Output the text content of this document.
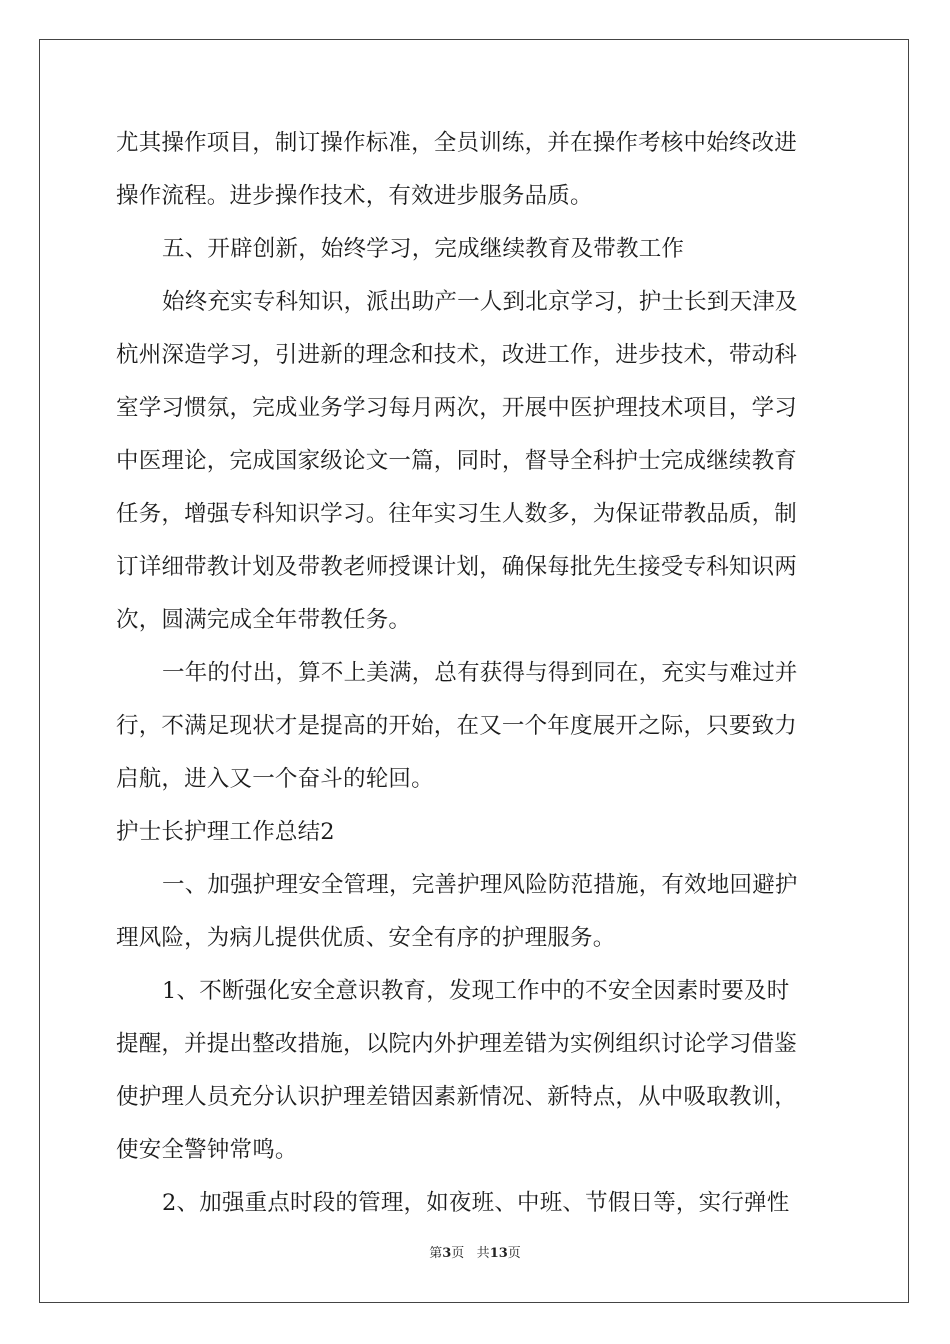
尤其操作项目，制订操作标准，全员训练，并在操作考核中始终改进
操作流程。进步操作技术，有效进步服务品质。
五、开辟创新，始终学习，完成继续教育及带教工作
始终充实专科知识，派出助产一人到北京学习，护士长到天津及
杭州深造学习，引进新的理念和技术，改进工作，进步技术，带动科
室学习惯氛，完成业务学习每月两次，开展中医护理技术项目，学习
中医理论，完成国家级论文一篇，同时，督导全科护士完成继续教育
任务，增强专科知识学习。往年实习生人数多，为保证带教品质，制
订详细带教计划及带教老师授课计划，确保每批先生接受专科知识两
次，圆满完成全年带教任务。
一年的付出，算不上美满，总有获得与得到同在，充实与难过并
行，不满足现状才是提高的开始，在又一个年度展开之际，只要致力
启航，进入又一个奋斗的轮回。
护士长护理工作总结2
一、加强护理安全管理，完善护理风险防范措施，有效地回避护
理风险，为病儿提供优质、安全有序的护理服务。
1、不断强化安全意识教育，发现工作中的不安全因素时要及时
提醒，并提出整改措施，以院内外护理差错为实例组织讨论学习借鉴
使护理人员充分认识护理差错因素新情况、新特点，从中吸取教训，
使安全警钟常鸣。
2、加强重点时段的管理，如夜班、中班、节假日等，实行弹性
第3页 共13页
